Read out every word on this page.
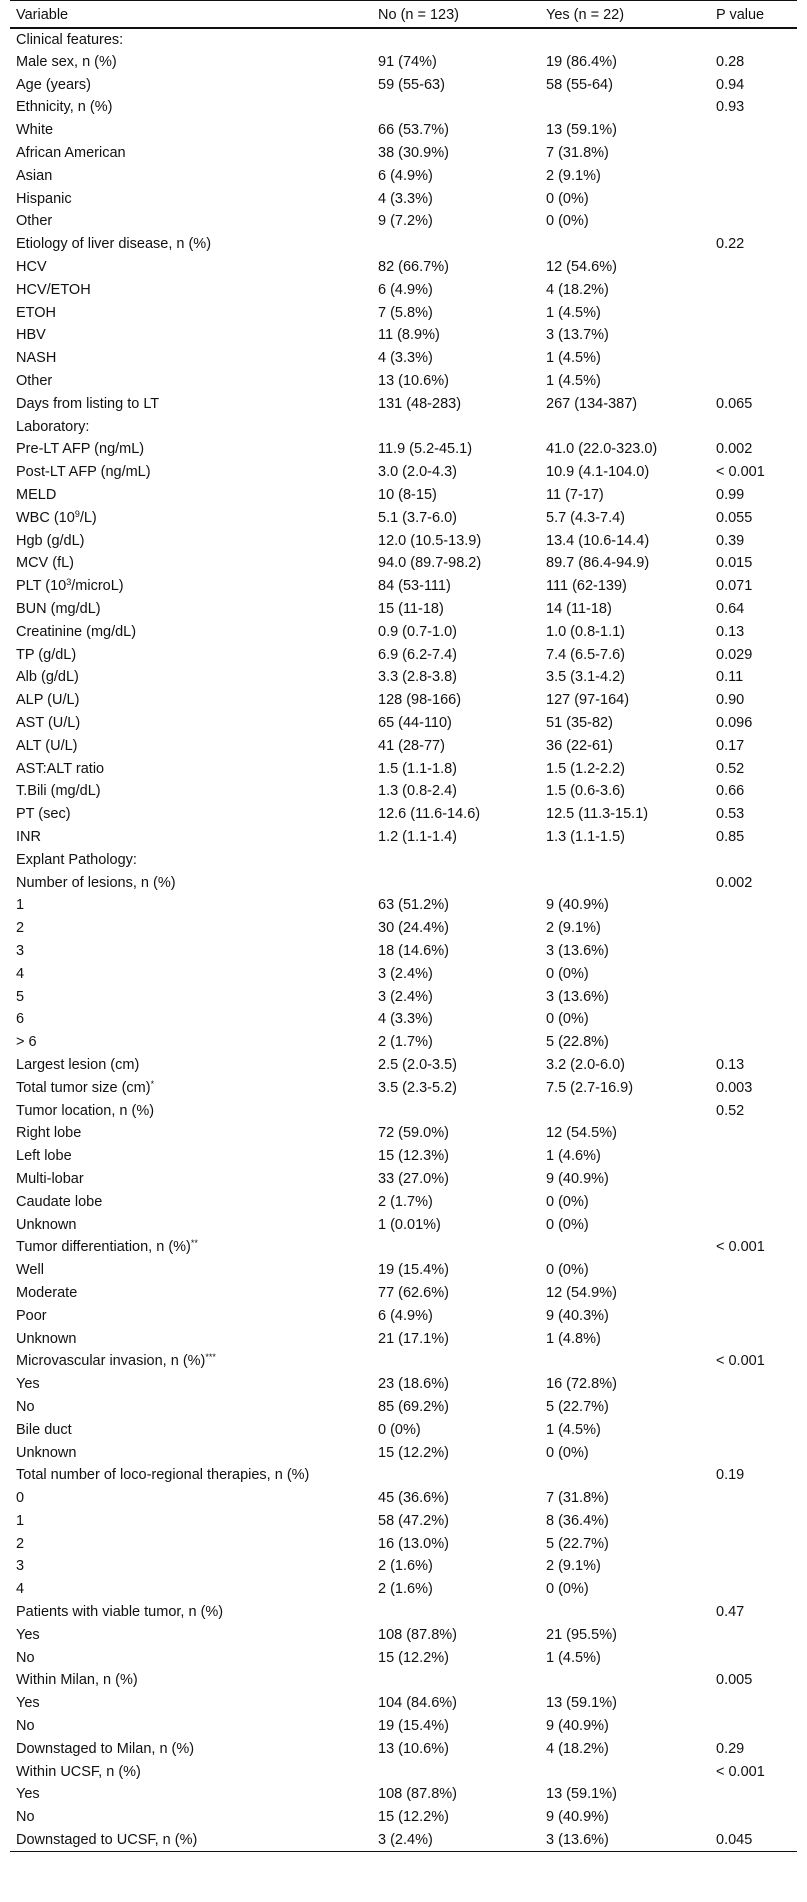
Variable	No (n = 123)	Yes (n = 22)	P value
Clinical features:			
Male sex, n (%)	91 (74%)	19 (86.4%)	0.28
Age (years)	59 (55-63)	58 (55-64)	0.94
Ethnicity, n (%)			0.93
White	66 (53.7%)	13 (59.1%)	
African American	38 (30.9%)	7 (31.8%)	
Asian	6 (4.9%)	2 (9.1%)	
Hispanic	4 (3.3%)	0 (0%)	
Other	9 (7.2%)	0 (0%)	
Etiology of liver disease, n (%)			0.22
HCV	82 (66.7%)	12 (54.6%)	
HCV/ETOH	6 (4.9%)	4 (18.2%)	
ETOH	7 (5.8%)	1 (4.5%)	
HBV	11 (8.9%)	3 (13.7%)	
NASH	4 (3.3%)	1 (4.5%)	
Other	13 (10.6%)	1 (4.5%)	
Days from listing to LT	131 (48-283)	267 (134-387)	0.065
Laboratory:			
Pre-LT AFP (ng/mL)	11.9 (5.2-45.1)	41.0 (22.0-323.0)	0.002
Post-LT AFP (ng/mL)	3.0 (2.0-4.3)	10.9 (4.1-104.0)	< 0.001
MELD	10 (8-15)	11 (7-17)	0.99
WBC $(10^9/L)$	5.1 (3.7-6.0)	5.7 (4.3-7.4)	0.055
Hgb (g/dL)	12.0 (10.5-13.9)	13.4 (10.6-14.4)	0.39
MCV (fL)	94.0 (89.7-98.2)	89.7 (86.4-94.9)	0.015
PLT $(10^3/microL)$	84 (53-111)	111 (62-139)	0.071
BUN (mg/dL)	15 (11-18)	14 (11-18)	0.64
Creatinine (mg/dL)	0.9 (0.7-1.0)	1.0 (0.8-1.1)	0.13
TP (g/dL)	6.9 (6.2-7.4)	7.4 (6.5-7.6)	0.029
Alb (g/dL)	3.3 (2.8-3.8)	3.5 (3.1-4.2)	0.11
ALP (U/L)	128 (98-166)	127 (97-164)	0.90
AST (U/L)	65 (44-110)	51 (35-82)	0.096
ALT (U/L)	41 (28-77)	36 (22-61)	0.17
AST:ALT ratio	1.5 (1.1-1.8)	1.5 (1.2-2.2)	0.52
T.Bili (mg/dL)	1.3 (0.8-2.4)	1.5 (0.6-3.6)	0.66
PT (sec)	12.6 (11.6-14.6)	12.5 (11.3-15.1)	0.53
INR	1.2 (1.1-1.4)	1.3 (1.1-1.5)	0.85
Explant Pathology:			
Number of lesions, n (%)			0.002
1	63 (51.2%)	9 (40.9%)	
2	30 (24.4%)	2 (9.1%)	
3	18 (14.6%)	3 (13.6%)	
4	3 (2.4%)	0 (0%)	
5	3 (2.4%)	3 (13.6%)	
6	4 (3.3%)	0 (0%)	
> 6	2 (1.7%)	5 (22.8%)	
Largest lesion (cm)	2.5 (2.0-3.5)	3.2 (2.0-6.0)	0.13
Total tumor size (cm)*	3.5 (2.3-5.2)	7.5 (2.7-16.9)	0.003
Tumor location, n (%)			0.52
Right lobe	72 (59.0%)	12 (54.5%)	
Left lobe	15 (12.3%)	1 (4.6%)	
Multi-lobar	33 (27.0%)	9 (40.9%)	
Caudate lobe	2 (1.7%)	0 (0%)	
Unknown	1 (0.01%)	0 (0%)	
Tumor differentiation, n (%)**			< 0.001
Well	19 (15.4%)	0 (0%)	
Moderate	77 (62.6%)	12 (54.9%)	
Poor	6 (4.9%)	9 (40.3%)	
Unknown	21 (17.1%)	1 (4.8%)	
Microvascular invasion, n (%)***			< 0.001
Yes	23 (18.6%)	16 (72.8%)	
No	85 (69.2%)	5 (22.7%)	
Bile duct	0 (0%)	1 (4.5%)	
Unknown	15 (12.2%)	0 (0%)	
Total number of loco-regional therapies, n (%)			0.19
0	45 (36.6%)	7 (31.8%)	
1	58 (47.2%)	8 (36.4%)	
2	16 (13.0%)	5 (22.7%)	
3	2 (1.6%)	2 (9.1%)	
4	2 (1.6%)	0 (0%)	
Patients with viable tumor, n (%)			0.47
Yes	108 (87.8%)	21 (95.5%)	
No	15 (12.2%)	1 (4.5%)	
Within Milan, n (%)			0.005
Yes	104 (84.6%)	13 (59.1%)	
No	19 (15.4%)	9 (40.9%)	
Downstaged to Milan, n (%)	13 (10.6%)	4 (18.2%)	0.29
Within UCSF, n (%)			< 0.001
Yes	108 (87.8%)	13 (59.1%)	
No	15 (12.2%)	9 (40.9%)	
Downstaged to UCSF, n (%)	3 (2.4%)	3 (13.6%)	0.045
